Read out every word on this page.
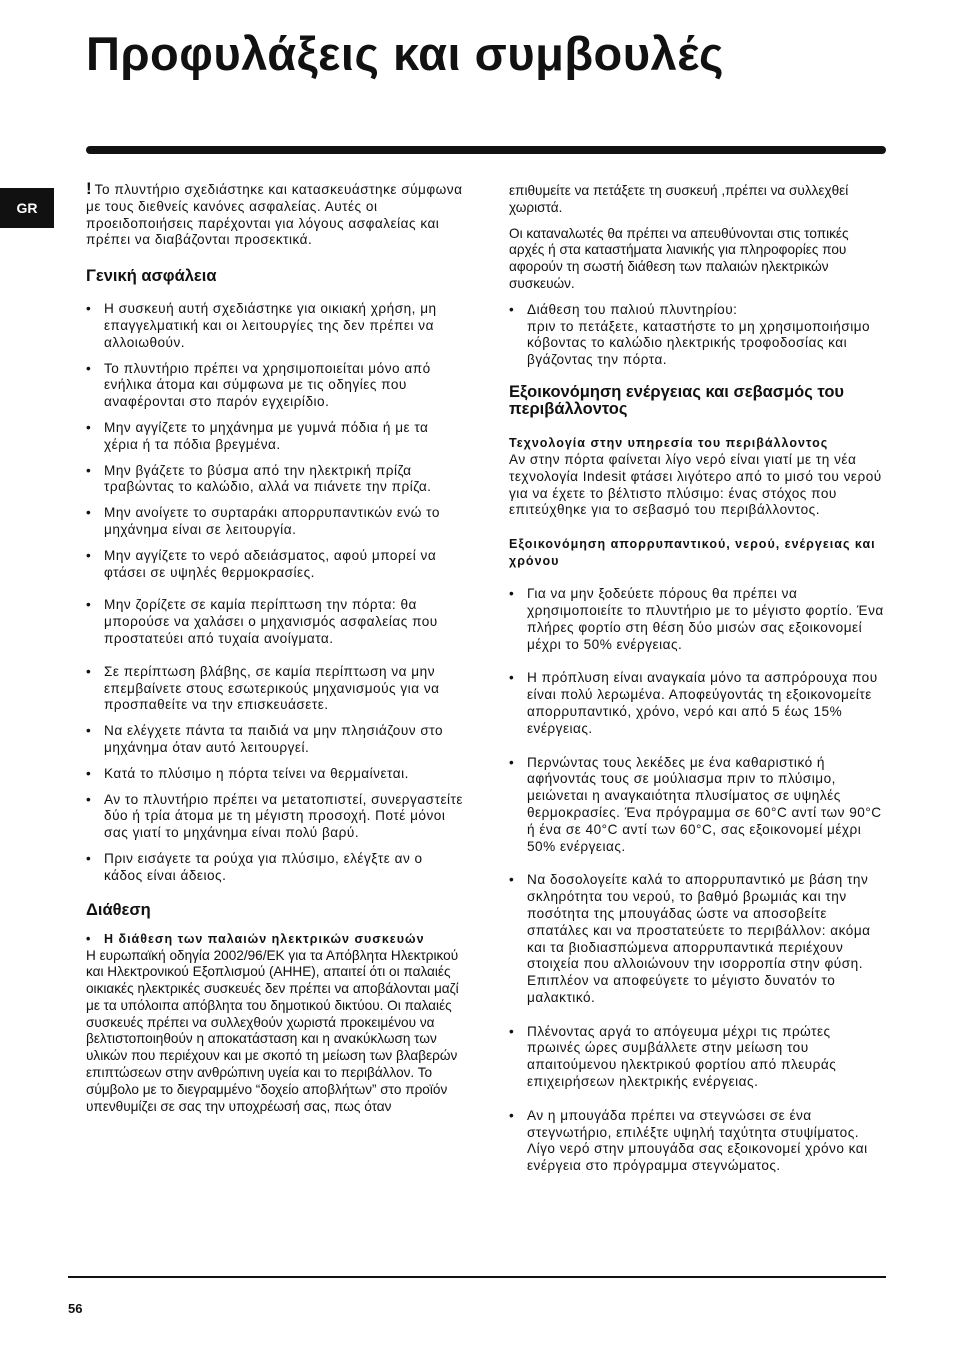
Προφυλάξεις και συμβουλές
GR

! Το πλυντήριο σχεδιάστηκε και κατασκευάστηκε σύμφωνα με τους διεθνείς κανόνες ασφαλείας. Αυτές οι προειδοποιήσεις παρέχονται για λόγους ασφαλείας και πρέπει να διαβάζονται προσεκτικά.

Γενική ασφάλεια
• Η συσκευή αυτή σχεδιάστηκε για οικιακή χρήση, μη επαγγελματική και οι λειτουργίες της δεν πρέπει να αλλοιωθούν.
• Το πλυντήριο πρέπει να χρησιμοποιείται μόνο από ενήλικα άτομα και σύμφωνα με τις οδηγίες που αναφέρονται στο παρόν εγχειρίδιο.
• Μην αγγίζετε το μηχάνημα με γυμνά πόδια ή με τα χέρια ή τα πόδια βρεγμένα.
• Μην βγάζετε το βύσμα από την ηλεκτρική πρίζα τραβώντας το καλώδιο, αλλά να πιάνετε την πρίζα.
• Μην ανοίγετε το συρταράκι απορρυπαντικών ενώ το μηχάνημα είναι σε λειτουργία.
• Μην αγγίζετε το νερό αδειάσματος, αφού μπορεί να φτάσει σε υψηλές θερμοκρασίες.
• Μην ζορίζετε σε καμία περίπτωση την πόρτα: θα μπορούσε να χαλάσει ο μηχανισμός ασφαλείας που προστατεύει από τυχαία ανοίγματα.
• Σε περίπτωση βλάβης, σε καμία περίπτωση να μην επεμβαίνετε στους εσωτερικούς μηχανισμούς για να προσπαθείτε να την επισκευάσετε.
• Να ελέγχετε πάντα τα παιδιά να μην πλησιάζουν στο μηχάνημα όταν αυτό λειτουργεί.
• Κατά το πλύσιμο η πόρτα τείνει να θερμαίνεται.
• Αν το πλυντήριο πρέπει να μετατοπιστεί, συνεργαστείτε δύο ή τρία άτομα με τη μέγιστη προσοχή. Ποτέ μόνοι σας γιατί το μηχάνημα είναι πολύ βαρύ.
• Πριν εισάγετε τα ρούχα για πλύσιμο, ελέγξτε αν ο κάδος είναι άδειος.
Διάθεση
• Η διάθεση των παλαιών ηλεκτρικών συσκευών

Η ευρωπαϊκή οδηγία 2002/96/ΕΚ για τα Απόβλητα Ηλεκτρικού και Ηλεκτρονικού Εξοπλισμού (ΑΗΗΕ), απαιτεί ότι οι παλαιές οικιακές ηλεκτρικές συσκευές δεν πρέπει να αποβάλονται μαζί με τα υπόλοιπα απόβλητα του δημοτικού δικτύου. Οι παλαιές συσκευές πρέπει να συλλεχθούν χωριστά προκειμένου να βελτιστοποιηθούν η αποκατάσταση και η ανακύκλωση των υλικών που περιέχουν και με σκοπό τη μείωση των βλαβερών επιπτώσεων στην ανθρώπινη υγεία και το περιβάλλον. Το σύμβολο με το διεγραμμένο “δοχείο αποβλήτων” στο προϊόν υπενθυμίζει σε σας την υποχρέωσή σας, πως όταν

επιθυμείτε να πετάξετε τη συσκευή ,πρέπει να συλλεχθεί χωριστά.

Οι καταναλωτές θα πρέπει να απευθύνονται στις τοπικές αρχές ή στα καταστήματα λιανικής για πληροφορίες που αφορούν τη σωστή διάθεση των παλαιών ηλεκτρικών συσκευών.

• Διάθεση του παλιού πλυντηρίου:
πριν το πετάξετε, καταστήστε το μη χρησιμοποιήσιμο κόβοντας το καλώδιο ηλεκτρικής τροφοδοσίας και βγάζοντας την πόρτα.
Εξοικονόμηση ενέργειας και σεβασμός του περιβάλλοντος
Τεχνολογία στην υπηρεσία του περιβάλλοντος

Αν στην πόρτα φαίνεται λίγο νερό είναι γιατί με τη νέα τεχνολογία Indesit φτάσει λιγότερο από το μισό του νερού για να έχετε το βέλτιστο πλύσιμο: ένας στόχος που επιτεύχθηκε για το σεβασμό του περιβάλλοντος.

Εξοικονόμηση απορρυπαντικού, νερού, ενέργειας και χρόνου
• Για να μην ξοδεύετε πόρους θα πρέπει να χρησιμοποιείτε το πλυντήριο με το μέγιστο φορτίο. Ένα πλήρες φορτίο στη θέση δύο μισών σας εξοικονομεί μέχρι το 50% ενέργειας.
• Η πρόπλυση είναι αναγκαία μόνο τα ασπρόρουχα που είναι πολύ λερωμένα. Αποφεύγοντάς τη εξοικονομείτε απορρυπαντικό, χρόνο, νερό και από 5 έως 15% ενέργειας.
• Περνώντας τους λεκέδες με ένα καθαριστικό ή αφήνοντάς τους σε μούλιασμα πριν το πλύσιμο, μειώνεται η αναγκαιότητα πλυσίματος σε υψηλές θερμοκρασίες. Ένα πρόγραμμα σε 60°C αντί των 90°C ή ένα σε 40°C αντί των 60°C, σας εξοικονομεί μέχρι 50% ενέργειας.
• Να δοσολογείτε καλά το απορρυπαντικό με βάση την σκληρότητα του νερού, το βαθμό βρωμιάς και την ποσότητα της μπουγάδας ώστε να αποσοβείτε σπατάλες και να προστατεύετε το περιβάλλον: ακόμα και τα βιοδιασπώμενα απορρυπαντικά περιέχουν στοιχεία που αλλοιώνουν την ισορροπία στην φύση. Επιπλέον να αποφεύγετε το μέγιστο δυνατόν το μαλακτικό.
• Πλένοντας αργά το απόγευμα μέχρι τις πρώτες πρωινές ώρες συμβάλλετε στην μείωση του απαιτούμενου ηλεκτρικού φορτίου από πλευράς επιχειρήσεων ηλεκτρικής ενέργειας.
• Αν η μπουγάδα πρέπει να στεγνώσει σε ένα στεγνωτήριο, επιλέξτε υψηλή ταχύτητα στυψίματος. Λίγο νερό στην μπουγάδα σας εξοικονομεί χρόνο και ενέργεια στο πρόγραμμα στεγνώματος.
56
